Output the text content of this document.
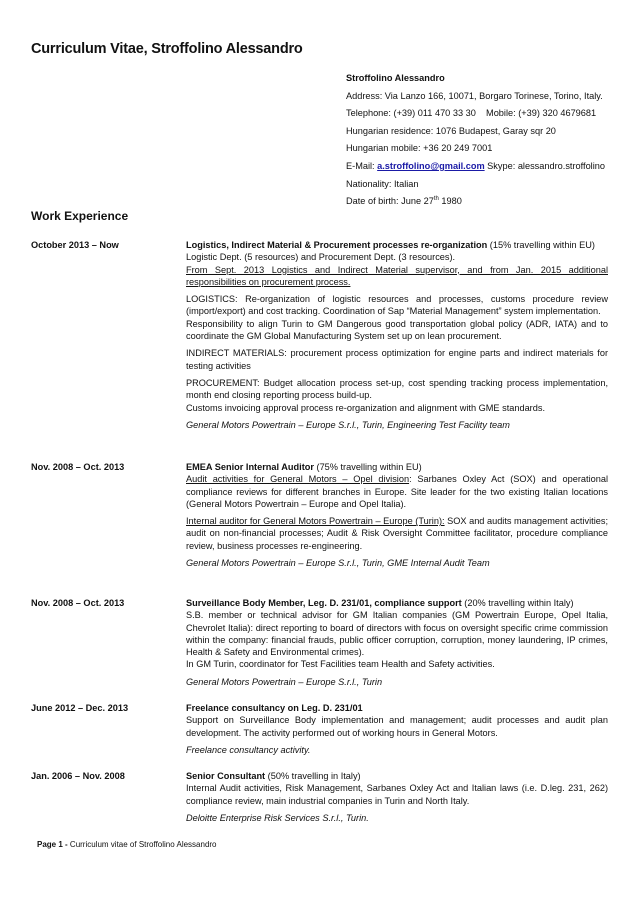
Curriculum Vitae, Stroffolino Alessandro
Stroffolino Alessandro
Address: Via Lanzo 166, 10071, Borgaro Torinese, Torino, Italy.
Telephone: (+39) 011 470 33 30    Mobile: (+39) 320 4679681
Hungarian residence: 1076 Budapest, Garay sqr 20
Hungarian mobile: +36 20 249 7001
E-Mail: a.stroffolino@gmail.com Skype: alessandro.stroffolino
Nationality: Italian
Date of birth: June 27th 1980
Work Experience
October 2013 – Now	Logistics, Indirect Material & Procurement processes re-organization (15% travelling within EU)
Logistic Dept. (5 resources) and Procurement Dept. (3 resources).
From Sept. 2013 Logistics and Indirect Material supervisor, and from Jan. 2015 additional responsibilities on procurement process.

LOGISTICS: Re-organization of logistic resources and processes, customs procedure review (import/export) and cost tracking. Coordination of Sap “Material Management” system implementation.
Responsibility to align Turin to GM Dangerous good transportation global policy (ADR, IATA) and to coordinate the GM Global Manufacturing System set up on lean procurement.

INDIRECT MATERIALS: procurement process optimization for engine parts and indirect materials for testing activities

PROCUREMENT: Budget allocation process set-up, cost spending tracking process implementation, month end closing reporting process build-up.
Customs invoicing approval process re-organization and alignment with GME standards.

General Motors Powertrain – Europe S.r.l., Turin, Engineering Test Facility team

Nov. 2008 – Oct. 2013	EMEA Senior Internal Auditor (75% travelling within EU)
Audit activities for General Motors – Opel division: Sarbanes Oxley Act (SOX) and operational compliance reviews for different branches in Europe. Site leader for the two existing Italian locations (General Motors Powertrain – Europe and Opel Italia).

Internal auditor for General Motors Powertrain – Europe (Turin): SOX and audits management activities; audit on non-financial processes; Audit & Risk Oversight Committee facilitator, procedure compliance review, business processes re-engineering.

General Motors Powertrain – Europe S.r.l., Turin, GME Internal Audit Team

Nov. 2008 – Oct. 2013	Surveillance Body Member, Leg. D. 231/01, compliance support (20% travelling within Italy)
S.B. member or technical advisor for GM Italian companies (GM Powertrain Europe, Opel Italia, Chevrolet Italia): direct reporting to board of directors with focus on oversight specific crime commission within the company: financial frauds, public officer corruption, corruption, money laundering, IP crimes, Health & Safety and Environmental crimes).
In GM Turin, coordinator for Test Facilities team Health and Safety activities.

General Motors Powertrain – Europe S.r.l., Turin

June 2012 – Dec. 2013	Freelance consultancy on Leg. D. 231/01
Support on Surveillance Body implementation and management; audit processes and audit plan development. The activity performed out of working hours in General Motors.

Freelance consultancy activity.

Jan. 2006 – Nov. 2008	Senior Consultant (50% travelling in Italy)
Internal Audit activities, Risk Management, Sarbanes Oxley Act and Italian laws (i.e. D.leg. 231, 262) compliance review, main industrial companies in Turin and North Italy.

Deloitte Enterprise Risk Services S.r.l., Turin.

Page 1 - Curriculum vitae of Stroffolino Alessandro
